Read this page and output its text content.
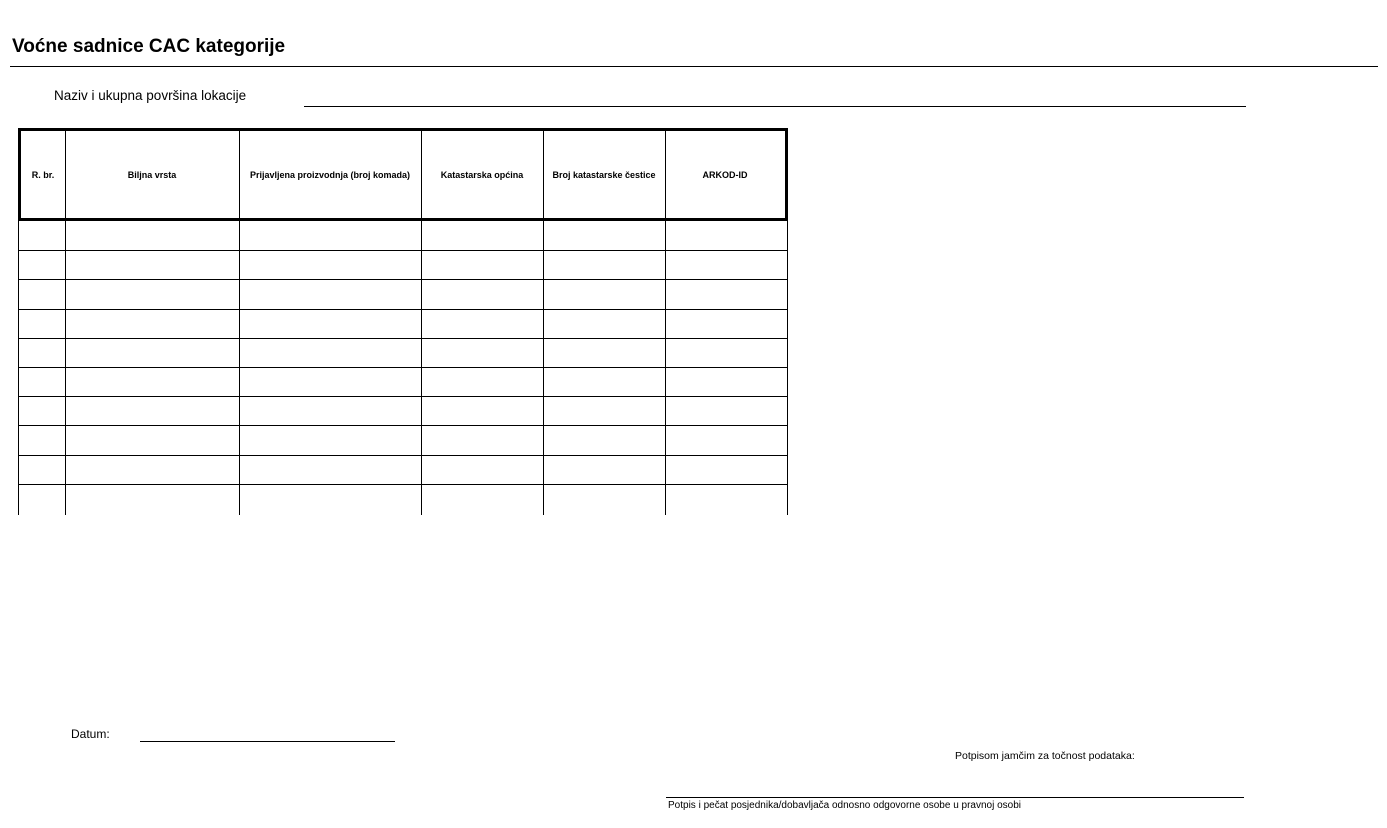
Voćne sadnice CAC kategorije
Naziv i ukupna površina lokacije
R. br.	Biljna vrsta	Prijavljena proizvodnja (broj komada)	Katastarska općina	Broj katastarske čestice	ARKOD-ID
Datum:
Potpisom jamčim za točnost podataka:
Potpis i pečat posjednika/dobavljača odnosno odgovorne osobe u pravnoj osobi
